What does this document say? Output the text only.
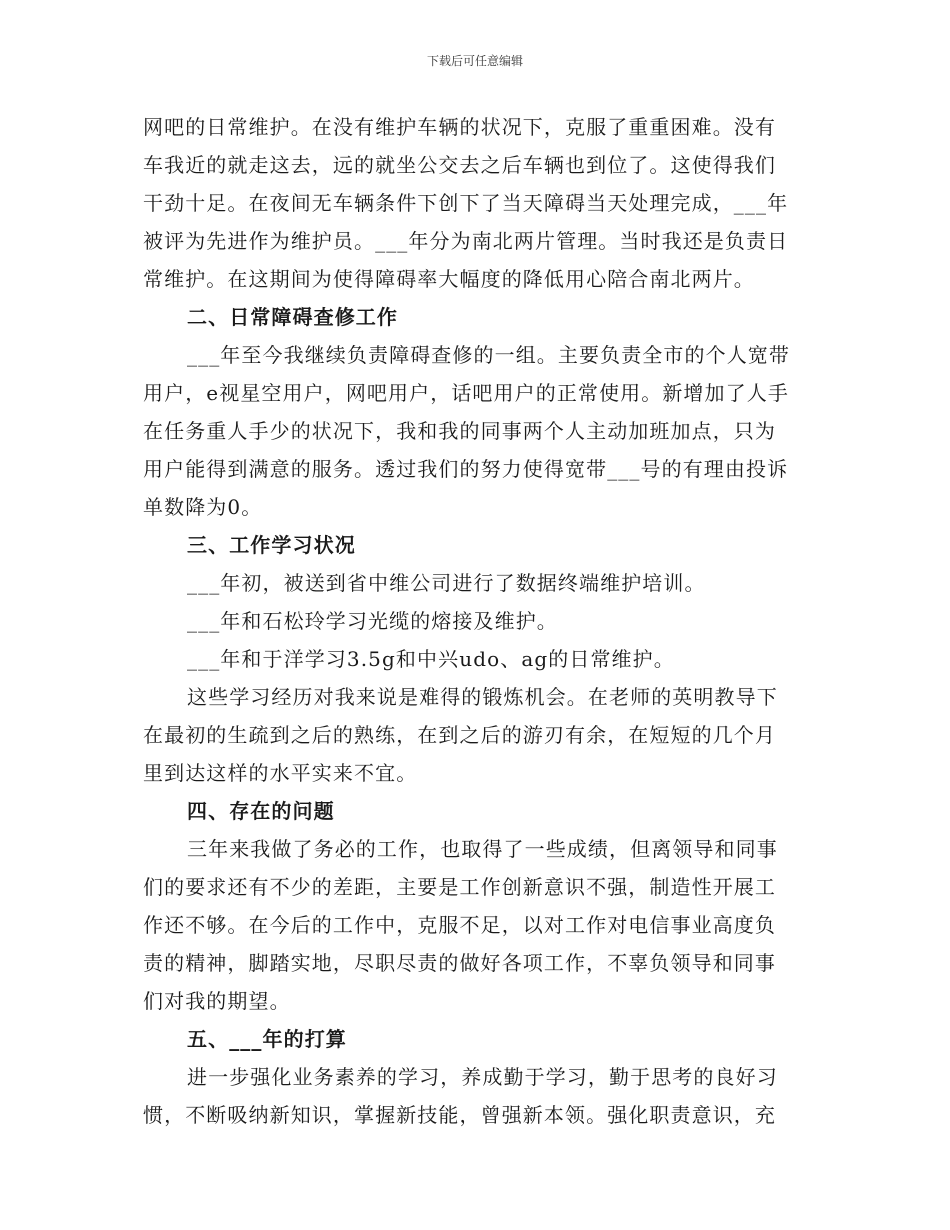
下载后可任意编辑
网吧的日常维护。在没有维护车辆的状况下，克服了重重困难。没有
车我近的就走这去，远的就坐公交去之后车辆也到位了。这使得我们
干劲十足。在夜间无车辆条件下创下了当天障碍当天处理完成，___年
被评为先进作为维护员。___年分为南北两片管理。当时我还是负责日
常维护。在这期间为使得障碍率大幅度的降低用心陪合南北两片。
二、日常障碍查修工作
___年至今我继续负责障碍查修的一组。主要负责全市的个人宽带
用户，e视星空用户，网吧用户，话吧用户的正常使用。新增加了人手
在任务重人手少的状况下，我和我的同事两个人主动加班加点，只为
用户能得到满意的服务。透过我们的努力使得宽带___号的有理由投诉
单数降为0。
三、工作学习状况
___年初，被送到省中维公司进行了数据终端维护培训。
___年和石松玲学习光缆的熔接及维护。
___年和于洋学习3.5g和中兴udo、ag的日常维护。
这些学习经历对我来说是难得的锻炼机会。在老师的英明教导下
在最初的生疏到之后的熟练，在到之后的游刃有余，在短短的几个月
里到达这样的水平实来不宜。
四、存在的问题
三年来我做了务必的工作，也取得了一些成绩，但离领导和同事
们的要求还有不少的差距，主要是工作创新意识不强，制造性开展工
作还不够。在今后的工作中，克服不足，以对工作对电信事业高度负
责的精神，脚踏实地，尽职尽责的做好各项工作，不辜负领导和同事
们对我的期望。
五、___年的打算
进一步强化业务素养的学习，养成勤于学习，勤于思考的良好习
惯，不断吸纳新知识，掌握新技能，曾强新本领。强化职责意识，充
